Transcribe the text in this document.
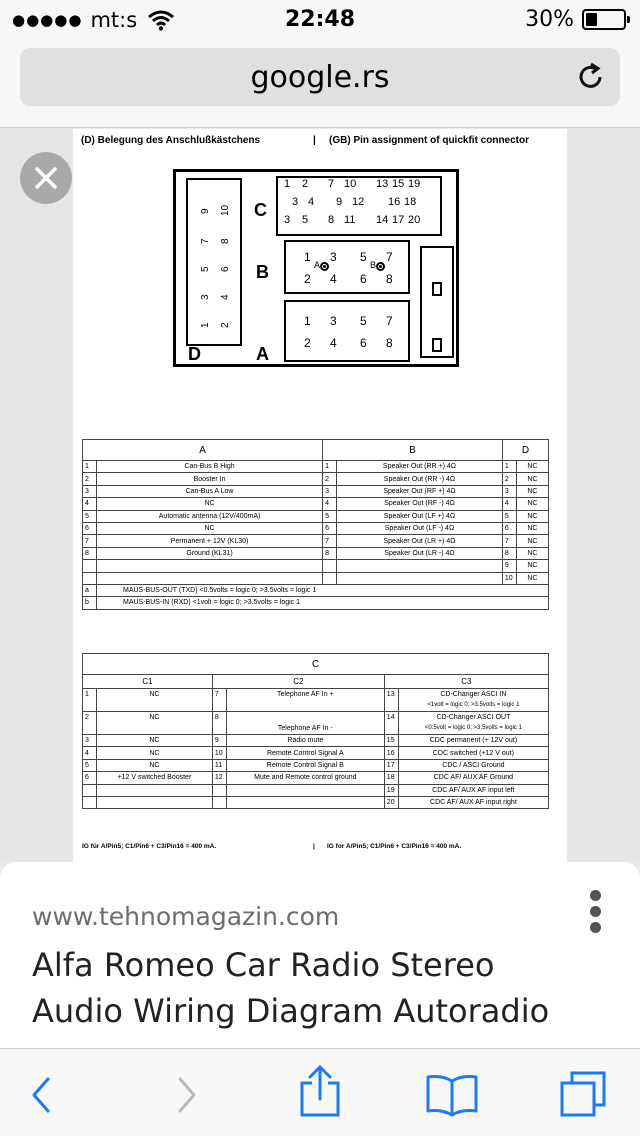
●●●●● mt:s	22:48	30%
google.rs
(D) Belegung des Anschlußkästchens	| (GB) Pin assignment of quickfit connector
9 10
7 8
5 6
3 4
1 2
D
C
1 2 7 10 13 15 19
3 4 9 12 16 18
3 5 8 11 14 17 20
B
1 3 5 7
2 4 6 8
A	B
A
1 3 5 7
2 4 6 8
A		B		D	
1	Can-Bus B High	1	Speaker Out (RR +) 4Ω	1	NC
2	Booster In	2	Speaker Out (RR -) 4Ω	2	NC
3	Can-Bus A Low	3	Speaker Out (RF +) 4Ω	3	NC
4	NC	4	Speaker Out (RF -) 4Ω	4	NC
5	Automatic antenna (12V/400mA)	5	Speaker Out (LF +) 4Ω	5	NC
6	NC	6	Speaker Out (LF -) 4Ω	6	NC
7	Permanent + 12V (KL30)	7	Speaker Out (LR +) 4Ω	7	NC
8	Ground (KL31)	8	Speaker Out (LR -) 4Ω	8	NC
				9	NC
				10	NC
a	MAUS-BUS-OUT (TXD) <0.5volts = logic 0; >3.5volts = logic 1				
b	MAUS-BUS-IN (RXD) <1volt = logic 0; >3.5volts = logic 1				
C					
C1		C2		C3	
1	NC	7	Telephone AF In +	13	CD-Changer ASCI IN
<1volt = logic 0; >3.5volts = logic 1

2	NC	8	Telephone AF In -	14	CD-Changer ASCI OUT
<0.5volt = logic 0; >3.5volts = logic 1

3	NC	9	Radio mute	15	CDC permanent (+ 12V out)

4	NC	10	Remote Control Signal A	16	CDC switched (+12 V out)

5	NC	11	Remote Control Signal B	17	CDC / ASCI Ground

6	+12 V switched Booster	12	Mute and Remote control ground	18	CDC AF/ AUX AF Ground

				19	CDC AF/ AUX AF input left

				20	CDC AF/ AUX AF input right
IG für A/Pin5; C1/Pin6 + C3/Pin16 = 400 mA.	| IG for A/Pin5; C1/Pin6 + C3/Pin16 = 400 mA.
www.tehnomagazin.com
Alfa Romeo Car Radio Stereo Audio Wiring Diagram Autoradio
